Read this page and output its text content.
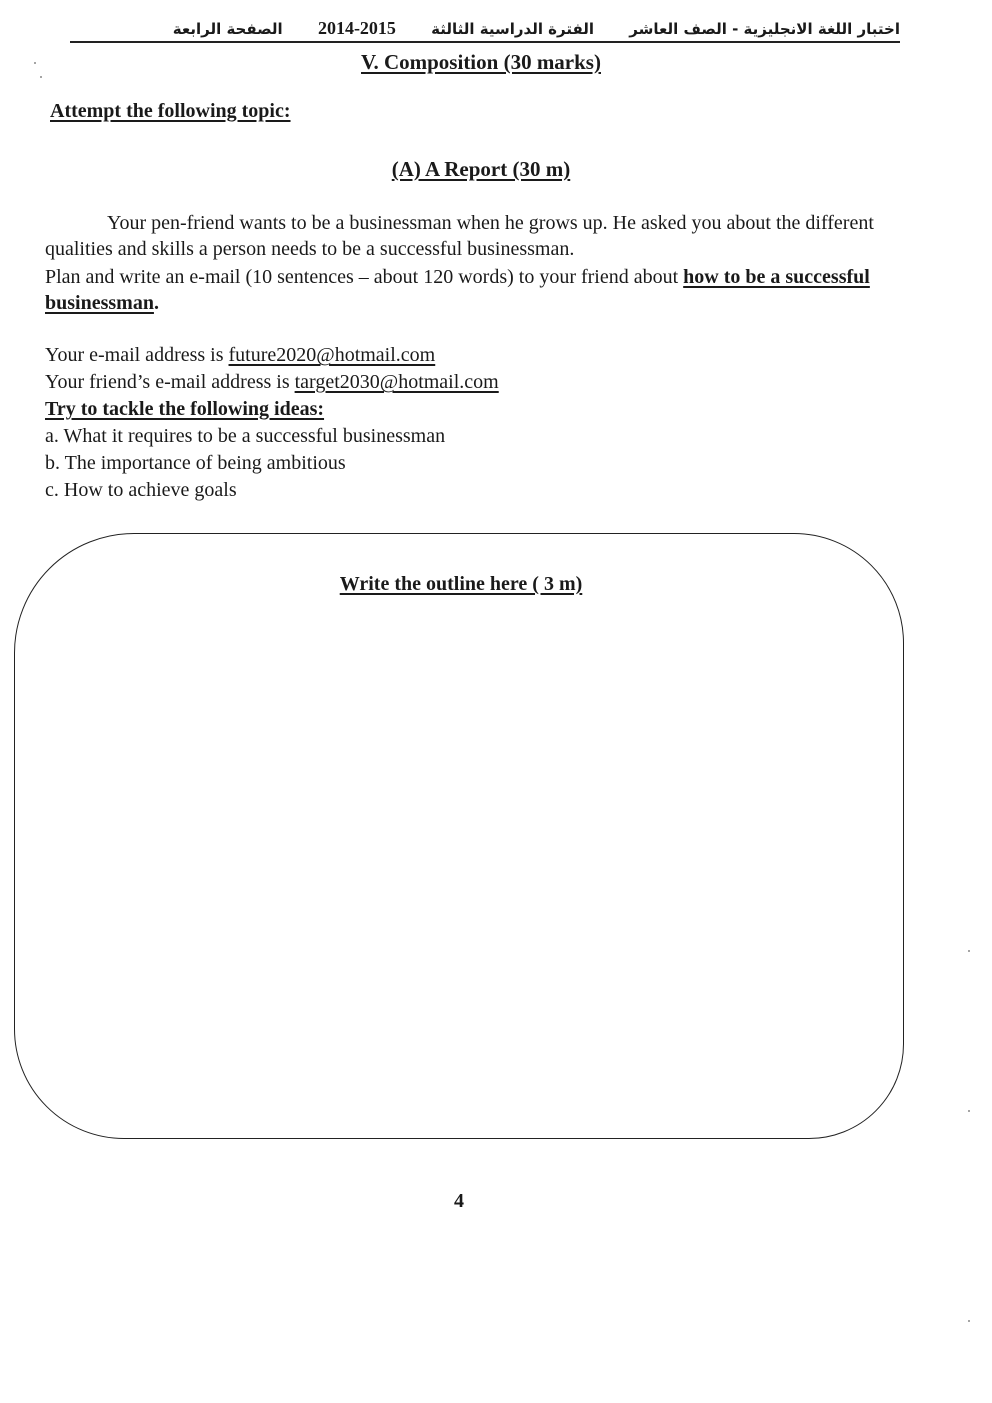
اختبار اللغة الانجليزية - الصف العاشر الفترة الدراسية الثالثة 2014-2015 الصفحة الرابعة
V. Composition (30 marks)
Attempt the following topic:
(A) A Report (30 m)
Your pen-friend wants to be a businessman when he grows up. He asked you about the different qualities and skills a person needs to be a successful businessman.
Plan and write an e-mail (10 sentences – about 120 words) to your friend about how to be a successful businessman.
Your e-mail address is future2020@hotmail.com
Your friend’s e-mail address is target2030@hotmail.com
Try to tackle the following ideas:
a. What it requires to be a successful businessman
b. The importance of being ambitious
c. How to achieve goals
Write the outline here ( 3 m)
4
